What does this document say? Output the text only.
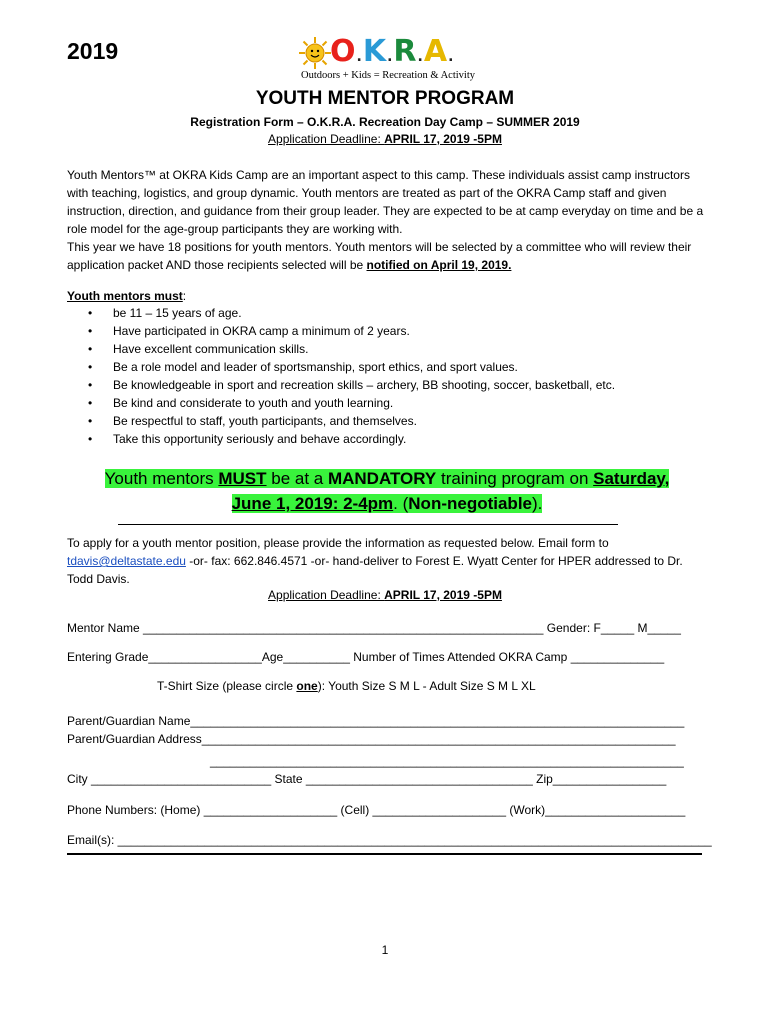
2019	O.K.R.A.
Outdoors + Kids = Recreation & Activity
YOUTH MENTOR PROGRAM
Registration Form – O.K.R.A. Recreation Day Camp – SUMMER 2019
Application Deadline: APRIL 17, 2019 -5PM

Youth Mentors™ at OKRA Kids Camp are an important aspect to this camp. These individuals assist camp instructors with teaching, logistics, and group dynamic. Youth mentors are treated as part of the OKRA Camp staff and given instruction, direction, and guidance from their group leader. They are expected to be at camp everyday on time and be a role model for the age-group participants they are working with.

This year we have 18 positions for youth mentors. Youth mentors will be selected by a committee who will review their application packet AND those recipients selected will be notified on April 19, 2019.

Youth mentors must:
• be 11 – 15 years of age.
• Have participated in OKRA camp a minimum of 2 years.
• Have excellent communication skills.
• Be a role model and leader of sportsmanship, sport ethics, and sport values.
• Be knowledgeable in sport and recreation skills – archery, BB shooting, soccer, basketball, etc.
• Be kind and considerate to youth and youth learning.
• Be respectful to staff, youth participants, and themselves.
• Take this opportunity seriously and behave accordingly.
Youth mentors MUST be at a MANDATORY training program on Saturday,
June 1, 2019: 2-4pm. (Non-negotiable).
To apply for a youth mentor position, please provide the information as requested below. Email form to tdavis@deltastate.edu -or- fax: 662.846.4571 -or- hand-deliver to Forest E. Wyatt Center for HPER addressed to Dr. Todd Davis.
Application Deadline: APRIL 17, 2019 -5PM
Mentor Name ____________________________________________________________ Gender: F_____ M_____
Entering Grade_________________Age__________ Number of Times Attended OKRA Camp ______________
T-Shirt Size (please circle one): Youth Size S M L - Adult Size S M L XL
Parent/Guardian Name__________________________________________________________________________
Parent/Guardian Address_______________________________________________________________________
_______________________________________________________________________
City ___________________________ State __________________________________ Zip_________________
Phone Numbers: (Home) ____________________ (Cell) ____________________ (Work)_____________________
Email(s): _________________________________________________________________________________________
1
